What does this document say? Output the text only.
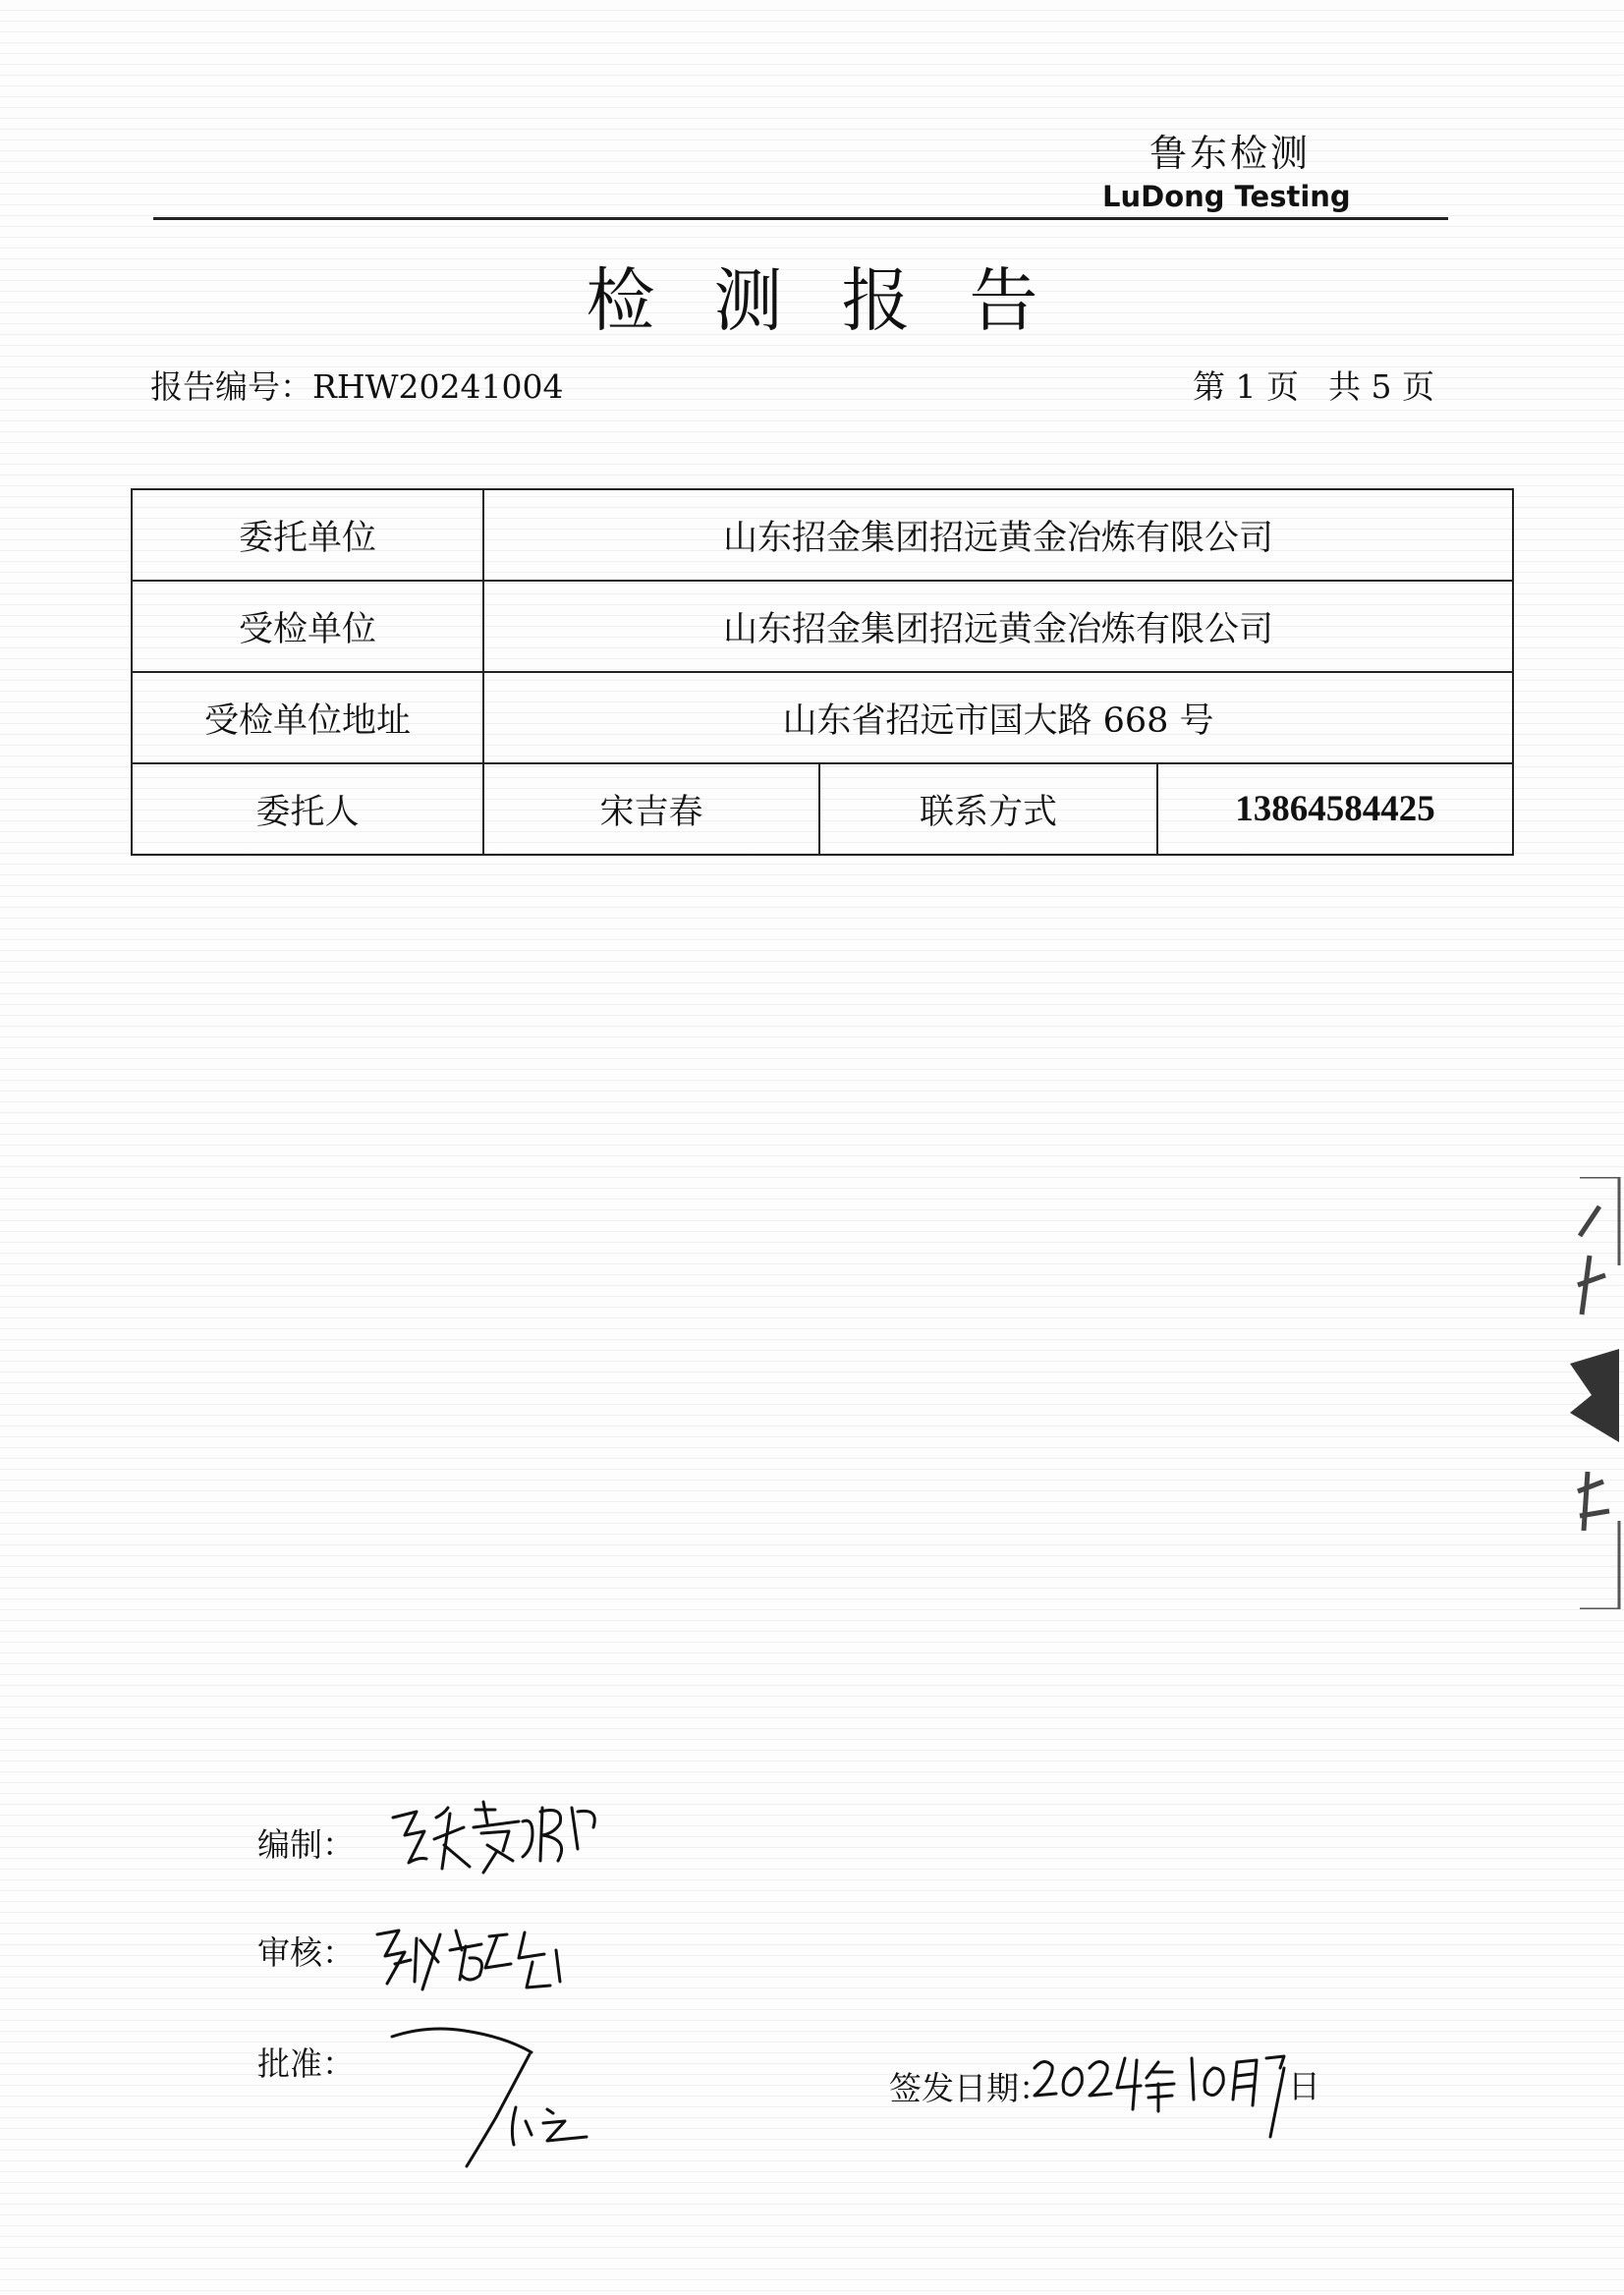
鲁东检测
LuDong Testing
检测报告
报告编号：RHW20241004	第 1 页 共 5 页
委托单位	山东招金集团招远黄金冶炼有限公司		
受检单位	山东招金集团招远黄金冶炼有限公司		
受检单位地址	山东省招远市国大路 668 号		
委托人	宋吉春	联系方式	13864584425
编制：
审核：
批准：
签发日期：	日
